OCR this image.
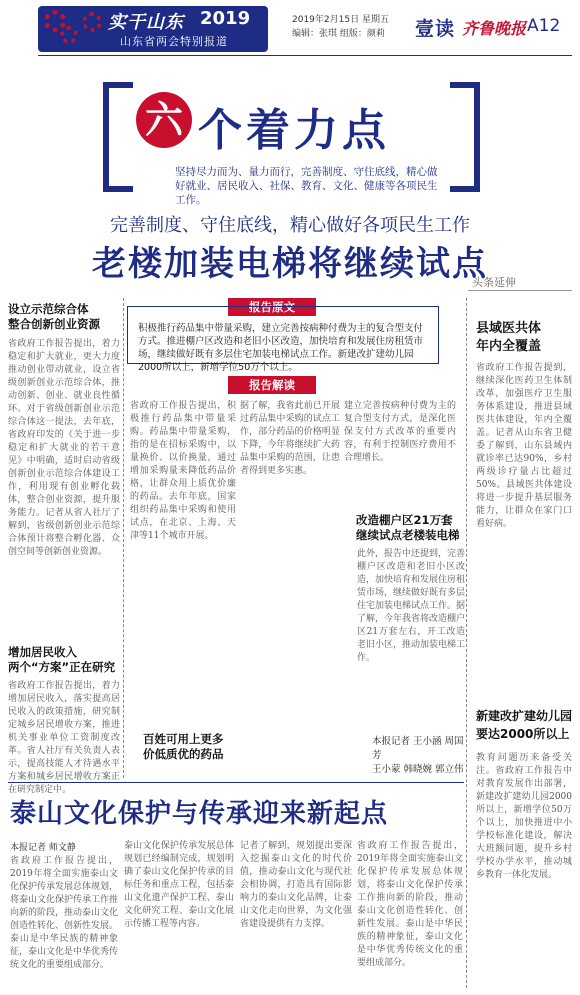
实干山东 2019
山东省两会特别报道
2019年2月15日 星期五
编辑：张琪 组版：颜莉 壹读 齐鲁晚报 A12
六 个着力点
坚持尽力而为、量力而行，完善制度、守住底线，精心做好就业、居民收入、社保、教育、文化、健康等各项民生工作。
完善制度、守住底线，精心做好各项民生工作
老楼加装电梯将继续试点
报告原文
积极推行药品集中带量采购，建立完善按病种付费为主的复合型支付方式。推进棚户区改造和老旧小区改造，加快培育和发展住房租赁市场，继续做好既有多层住宅加装电梯试点工作。新建改扩建幼儿园2000所以上，新增学位50万个以上。
报告解读
头条延伸
设立示范综合体
整合创新创业资源
省政府工作报告提出，着力稳定和扩大就业，更大力度推动创业带动就业，设立省级创新创业示范综合体，推动创新、创业、就业良性循环。对于省级创新创业示范综合体这一提法，去年底，省政府印发的《关于进一步稳定和扩大就业的若干意见》中明确，适时启动省级创新创业示范综合体建设工作，利用现有创业孵化载体，整合创业资源，提升服务能力。记者从省人社厅了解到，省级创新创业示范综合体预计将整合孵化器、众创空间等创新创业资源。
增加居民收入
两个“方案”正在研究
省政府工作报告提出，着力增加居民收入，落实提高居民收入的政策措施，研究制定城乡居民增收方案，推进机关事业单位工资制度改革。省人社厅有关负责人表示，提高技能人才待遇水平方案和城乡居民增收方案正在研究制定中。
省政府工作报告提出，积极推行药品集中带量采购。药品集中带量采购，指的是在招标采购中，以量换价、以价换量，通过增加采购量来降低药品价格，让群众用上质优价廉的药品。去年年底，国家组织药品集中采购和使用试点，在北京、上海、天津等11个城市开展。
据了解，我省此前已开展过药品集中采购的试点工作，部分药品的价格明显下降，今年将继续扩大药品集中采购的范围，让患者得到更多实惠。
百姓可用上更多
价低质优的药品
建立完善按病种付费为主的复合型支付方式，是深化医保支付方式改革的重要内容，有利于控制医疗费用不合理增长。
改造棚户区21万套
继续试点老楼装电梯
此外，报告中还提到，完善棚户区改造和老旧小区改造，加快培育和发展住房租赁市场，继续做好既有多层住宅加装电梯试点工作。据了解，今年我省将改造棚户区21万套左右，开工改造老旧小区，推动加装电梯工作。
本报记者 王小涵 周国芳
王小蒙 韩晓婉 郭立伟
县域医共体
年内全覆盖
省政府工作报告提到，继续深化医药卫生体制改革，加强医疗卫生服务体系建设，推进县域医共体建设，年内全覆盖。记者从山东省卫健委了解到，山东县域内就诊率已达90%，乡村两级诊疗量占比超过50%。县域医共体建设将进一步提升基层服务能力，让群众在家门口看好病。
新建改扩建幼儿园
要达2000所以上
教育问题历来备受关注。省政府工作报告中对教育发展作出部署，新建改扩建幼儿园2000所以上，新增学位50万个以上，加快推进中小学校标准化建设，解决大班额问题，提升乡村学校办学水平，推动城乡教育一体化发展。
泰山文化保护与传承迎来新起点
本报记者 师文静
省政府工作报告提出，2019年将全面实施泰山文化保护传承发展总体规划，将泰山文化保护传承工作推向新的阶段，推动泰山文化创造性转化、创新性发展。泰山是中华民族的精神象征，泰山文化是中华优秀传统文化的重要组成部分。
泰山文化保护传承发展总体规划已经编制完成，规划明确了泰山文化保护传承的目标任务和重点工程，包括泰山文化遗产保护工程、泰山文化研究工程、泰山文化展示传播工程等内容。
记者了解到，规划提出要深入挖掘泰山文化的时代价值，推动泰山文化与现代社会相协调，打造具有国际影响力的泰山文化品牌，让泰山文化走向世界，为文化强省建设提供有力支撑。
省政府工作报告提出，2019年将全面实施泰山文化保护传承发展总体规划，将泰山文化保护传承工作推向新的阶段，推动泰山文化创造性转化、创新性发展。泰山是中华民族的精神象征，泰山文化是中华优秀传统文化的重要组成部分。
